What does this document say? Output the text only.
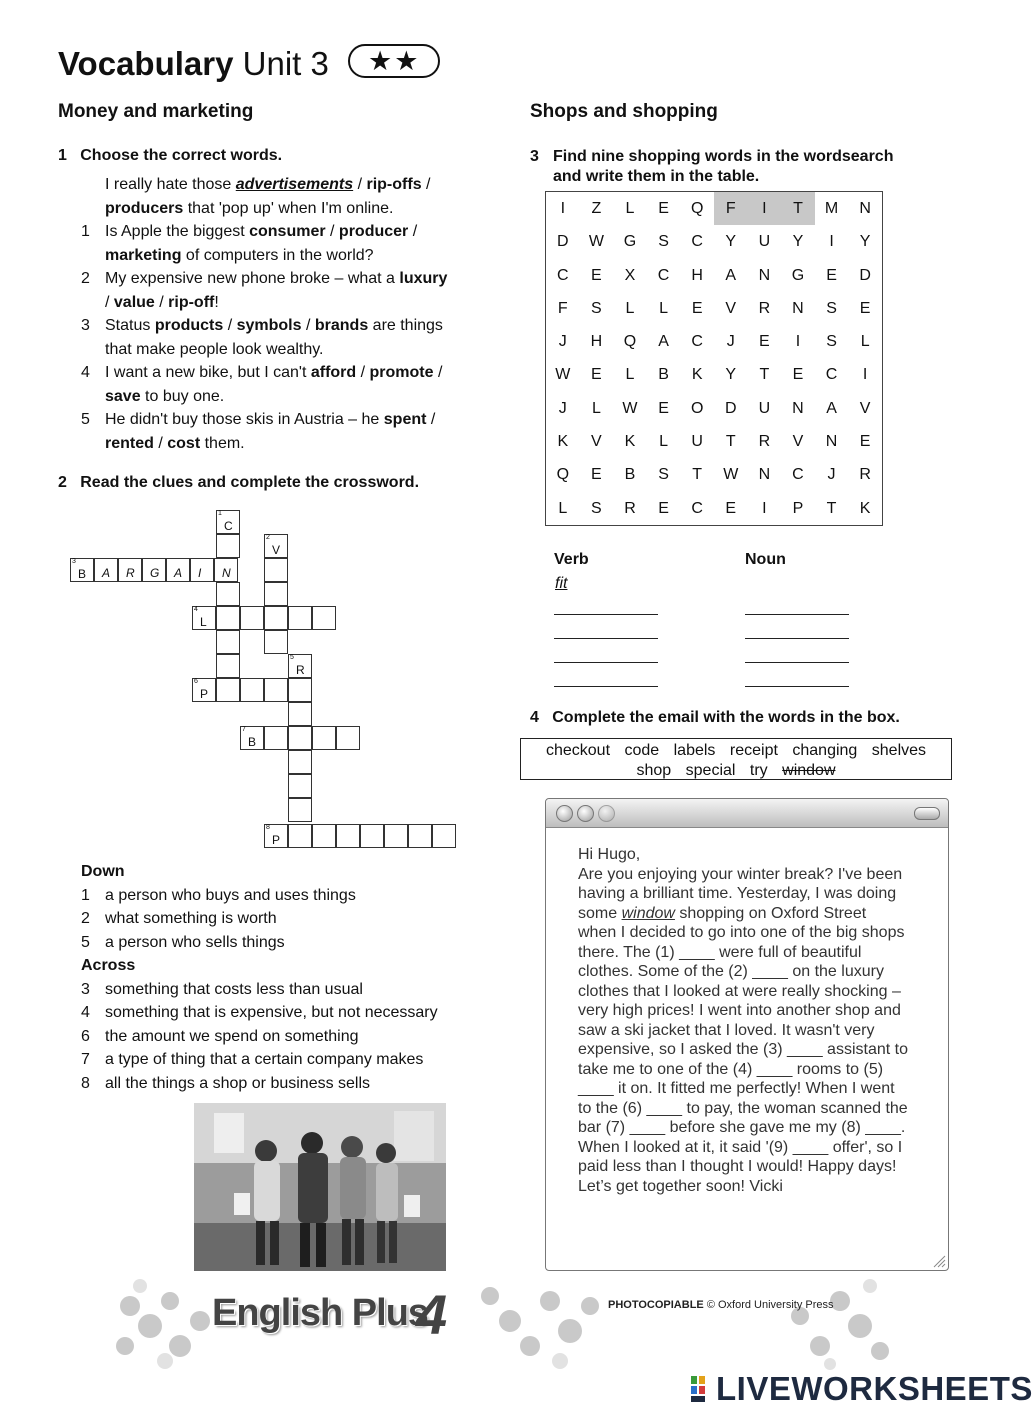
Vocabulary Unit 3 ★★
Money and marketing
1 Choose the correct words.
I really hate those advertisements / rip-offs / producers that 'pop up' when I'm online.
1 Is Apple the biggest consumer / producer /
marketing of computers in the world?
2 My expensive new phone broke – what a luxury
/ value / rip-off!
3 Status products / symbols / brands are things that make people look wealthy.
4 I want a new bike, but I can't afford / promote /
save to buy one.
5 He didn't buy those skis in Austria – he spent /
rented / cost them.
2 Read the clues and complete the crossword.
1
C
2
V
3
B A R G A I N
4
L
5
R
6
P
7
B
8
P
Down
1 a person who buys and uses things
2 what something is worth
5 a person who sells things
Across
3 something that costs less than usual
4 something that is expensive, but not necessary
6 the amount we spend on something
7 a type of thing that a certain company makes
8 all the things a shop or business sells
Shops and shopping
3 Find nine shopping words in the wordsearch
and write them in the table.
I	Z	L	E	Q	F	I	T	M	N
D	W	G	S	C	Y	U	Y	I	Y
C	E	X	C	H	A	N	G	E	D
F	S	L	L	E	V	R	N	S	E
J	H	Q	A	C	J	E	I	S	L
W	E	L	B	K	Y	T	E	C	I
J	L	W	E	O	D	U	N	A	V
K	V	K	L	U	T	R	V	N	E
Q	E	B	S	T	W	N	C	J	R
L	S	R	E	C	E	I	P	T	K
Verb	Noun
fit
4 Complete the email with the words in the box.
checkout code labels receipt changing shelves
shop special try window
Hi Hugo,
Are you enjoying your winter break? I've been having a brilliant time. Yesterday, I was doing some window shopping on Oxford Street when I decided to go into one of the big shops there. The (1) ____ were full of beautiful clothes. Some of the (2) ____ on the luxury clothes that I looked at were really shocking – very high prices! I went into another shop and saw a ski jacket that I loved. It wasn't very expensive, so I asked the (3) ____ assistant to take me to one of the (4) ____ rooms to (5) ____ it on. It fitted me perfectly! When I went to the (6) ____ to pay, the woman scanned the bar (7) ____ before she gave me my (8) ____. When I looked at it, it said '(9) ____ offer', so I paid less than I thought I would! Happy days!
Let’s get together soon! Vicki
English Plus
4	PHOTOCOPIABLE © Oxford University Press
LIVEWORKSHEETS
